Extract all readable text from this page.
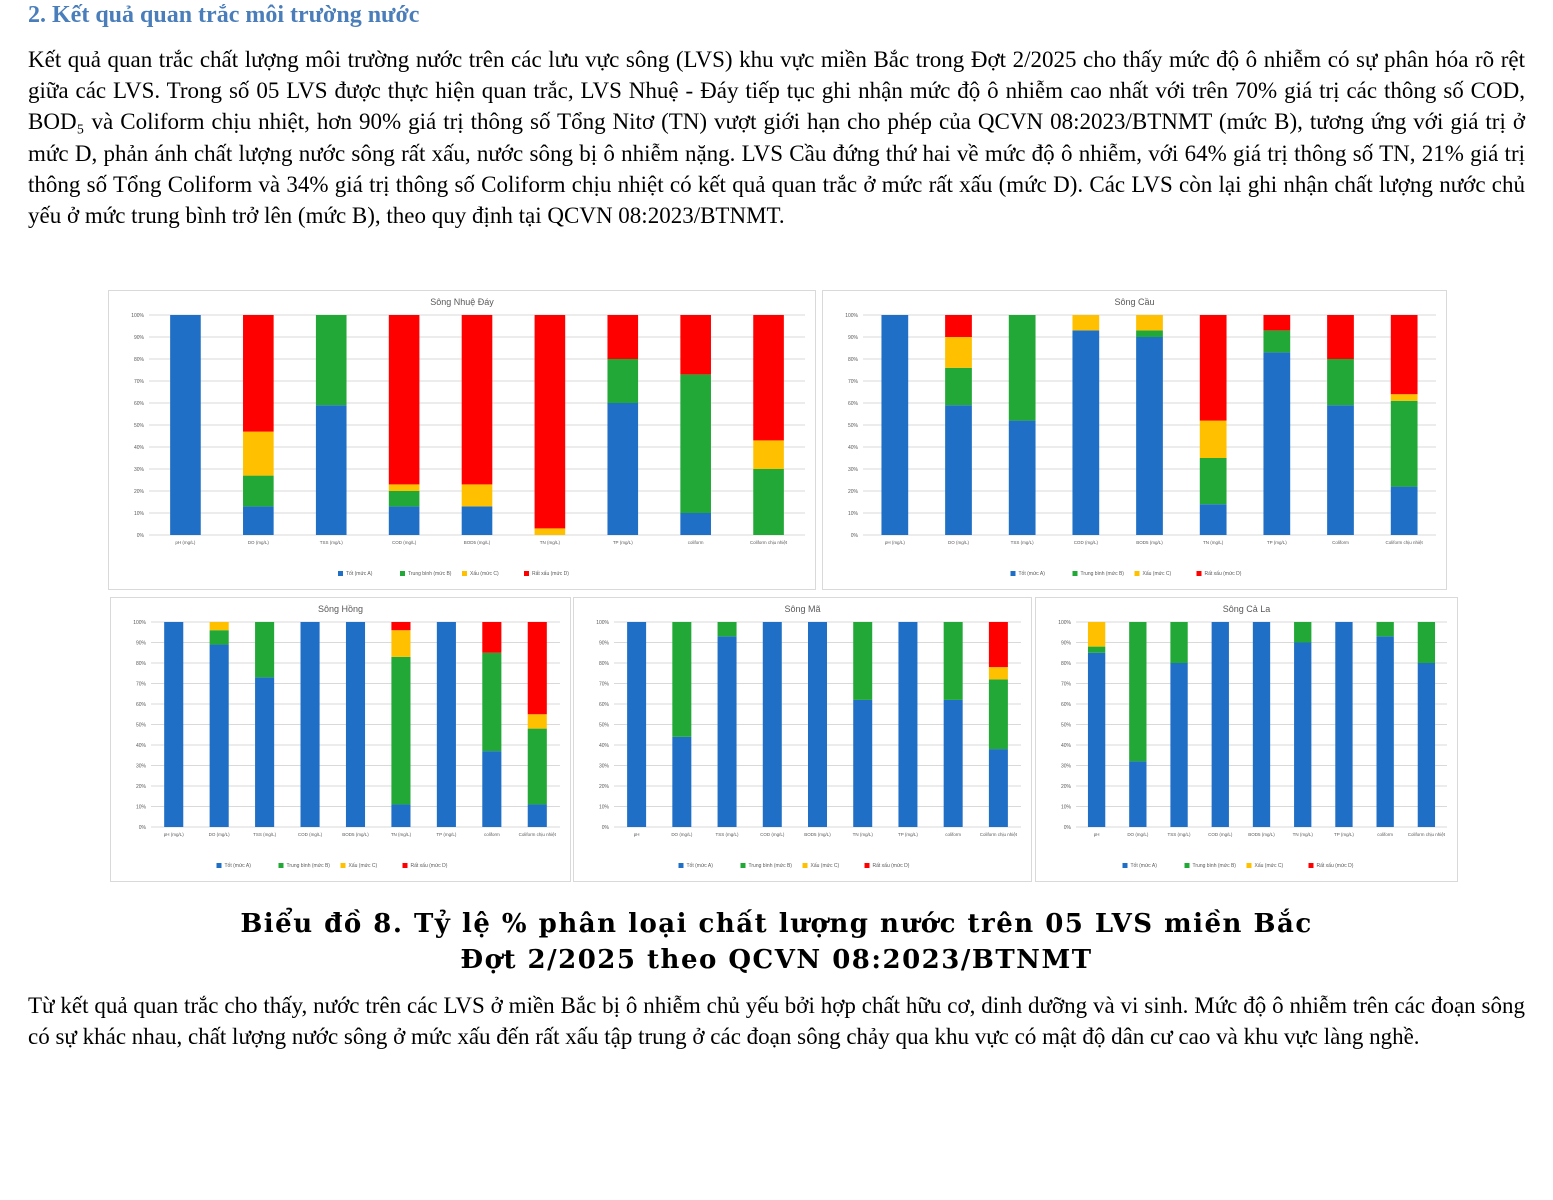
2. Kết quả quan trắc môi trường nước

Kết quả quan trắc chất lượng môi trường nước trên các lưu vực sông (LVS) khu vực miền Bắc trong Đợt 2/2025 cho thấy mức độ ô nhiễm có sự phân hóa rõ rệt giữa các LVS. Trong số 05 LVS được thực hiện quan trắc, LVS Nhuệ - Đáy tiếp tục ghi nhận mức độ ô nhiễm cao nhất với trên 70% giá trị các thông số COD, BOD₅ và Coliform chịu nhiệt, hơn 90% giá trị thông số Tổng Nitơ (TN) vượt giới hạn cho phép của QCVN 08:2023/BTNMT (mức B), tương ứng với giá trị ở mức D, phản ánh chất lượng nước sông rất xấu, nước sông bị ô nhiễm nặng. LVS Cầu đứng thứ hai về mức độ ô nhiễm, với 64% giá trị thông số TN, 21% giá trị thông số Tổng Coliform và 34% giá trị thông số Coliform chịu nhiệt có kết quả quan trắc ở mức rất xấu (mức D). Các LVS còn lại ghi nhận chất lượng nước chủ yếu ở mức trung bình trở lên (mức B), theo quy định tại QCVN 08:2023/BTNMT.

Sông Nhuệ Đáy
0%
10%
20%
30%
40%
50%
60%
70%
80%
90%
100%
pH (mg/L)	DO (mg/L)	TSS (mg/L)	COD (mg/L)	BOD5 (mg/L)	TN (mg/L)	TP (mg/L)	coliform	Coliform chịu nhiệt
Tốt (mức A)	Trung bình (mức B)	Xấu (mức C)	Rất xấu (mức D)
Sông Cầu
0%
10%
20%
30%
40%
50%
60%
70%
80%
90%
100%
pH (mg/L)	DO (mg/L)	TSS (mg/L)	COD (mg/L)	BOD5 (mg/L)	TN (mg/L)	TP (mg/L)	Coliform	Coliform chịu nhiệt
Tốt (mức A)	Trung bình (mức B)	Xấu (mức C)	Rất xấu (mức D)
Sông Hồng
0%
10%
20%
30%
40%
50%
60%
70%
80%
90%
100%
pH (mg/L)	DO (mg/L)	TSS (mg/L)	COD (mg/L)	BOD5 (mg/L)	TN (mg/L)	TP (mg/L)	coliform	Coliform chịu nhiệt
Tốt (mức A)	Trung bình (mức B)	Xấu (mức C)	Rất xấu (mức D)
Sông Mã
0%
10%
20%
30%
40%
50%
60%
70%
80%
90%
100%
pH	DO (mg/L)	TSS (mg/L)	COD (mg/L)	BOD5 (mg/L)	TN (mg/L)	TP (mg/L)	coliform	Coliform chịu nhiệt
Tốt (mức A)	Trung bình (mức B)	Xấu (mức C)	Rất xấu (mức D)
Sông Cả La
0%
10%
20%
30%
40%
50%
60%
70%
80%
90%
100%
pH	DO (mg/L)	TSS (mg/L)	COD (mg/L)	BOD5 (mg/L)	TN (mg/L)	TP (mg/L)	coliform	Coliform chịu nhiệt
Tốt (mức A)	Trung bình (mức B)	Xấu (mức C)	Rất xấu (mức D)
Biểu đồ 8. Tỷ lệ % phân loại chất lượng nước trên 05 LVS miền Bắc
Đợt 2/2025 theo QCVN 08:2023/BTNMT

Từ kết quả quan trắc cho thấy, nước trên các LVS ở miền Bắc bị ô nhiễm chủ yếu bởi hợp chất hữu cơ, dinh dưỡng và vi sinh. Mức độ ô nhiễm trên các đoạn sông có sự khác nhau, chất lượng nước sông ở mức xấu đến rất xấu tập trung ở các đoạn sông chảy qua khu vực có mật độ dân cư cao và khu vực làng nghề.
